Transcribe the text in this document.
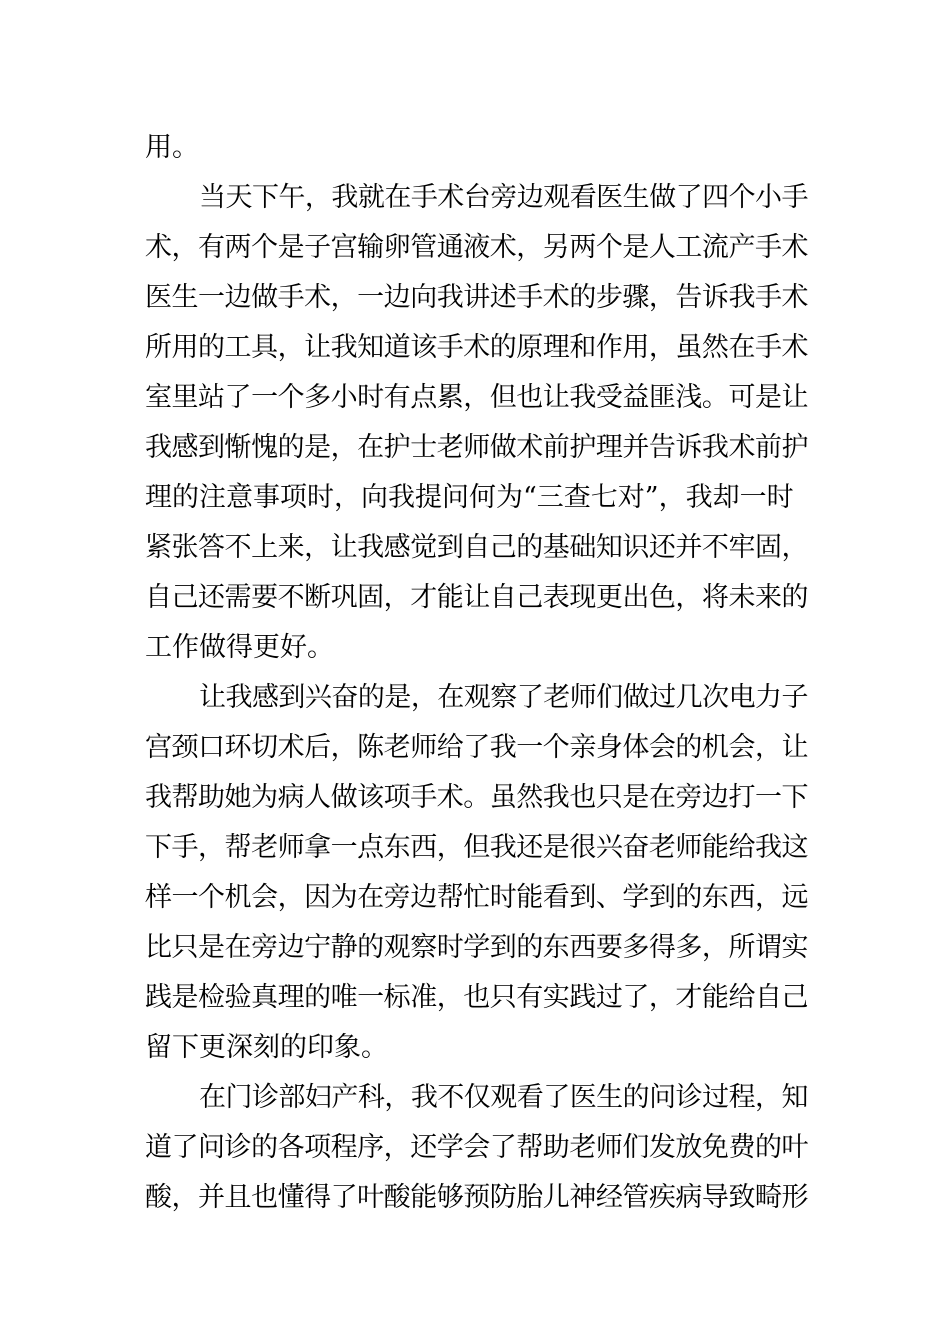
用。
当天下午，我就在手术台旁边观看医生做了四个小手
术，有两个是子宫输卵管通液术，另两个是人工流产手术
医生一边做手术，一边向我讲述手术的步骤，告诉我手术
所用的工具，让我知道该手术的原理和作用，虽然在手术
室里站了一个多小时有点累，但也让我受益匪浅。可是让
我感到惭愧的是，在护士老师做术前护理并告诉我术前护
理的注意事项时，向我提问何为“三查七对”，我却一时
紧张答不上来，让我感觉到自己的基础知识还并不牢固，
自己还需要不断巩固，才能让自己表现更出色，将未来的
工作做得更好。
让我感到兴奋的是，在观察了老师们做过几次电力子
宫颈口环切术后，陈老师给了我一个亲身体会的机会，让
我帮助她为病人做该项手术。虽然我也只是在旁边打一下
下手，帮老师拿一点东西，但我还是很兴奋老师能给我这
样一个机会，因为在旁边帮忙时能看到、学到的东西，远
比只是在旁边宁静的观察时学到的东西要多得多，所谓实
践是检验真理的唯一标准，也只有实践过了，才能给自己
留下更深刻的印象。
在门诊部妇产科，我不仅观看了医生的问诊过程，知
道了问诊的各项程序，还学会了帮助老师们发放免费的叶
酸，并且也懂得了叶酸能够预防胎儿神经管疾病导致畸形
